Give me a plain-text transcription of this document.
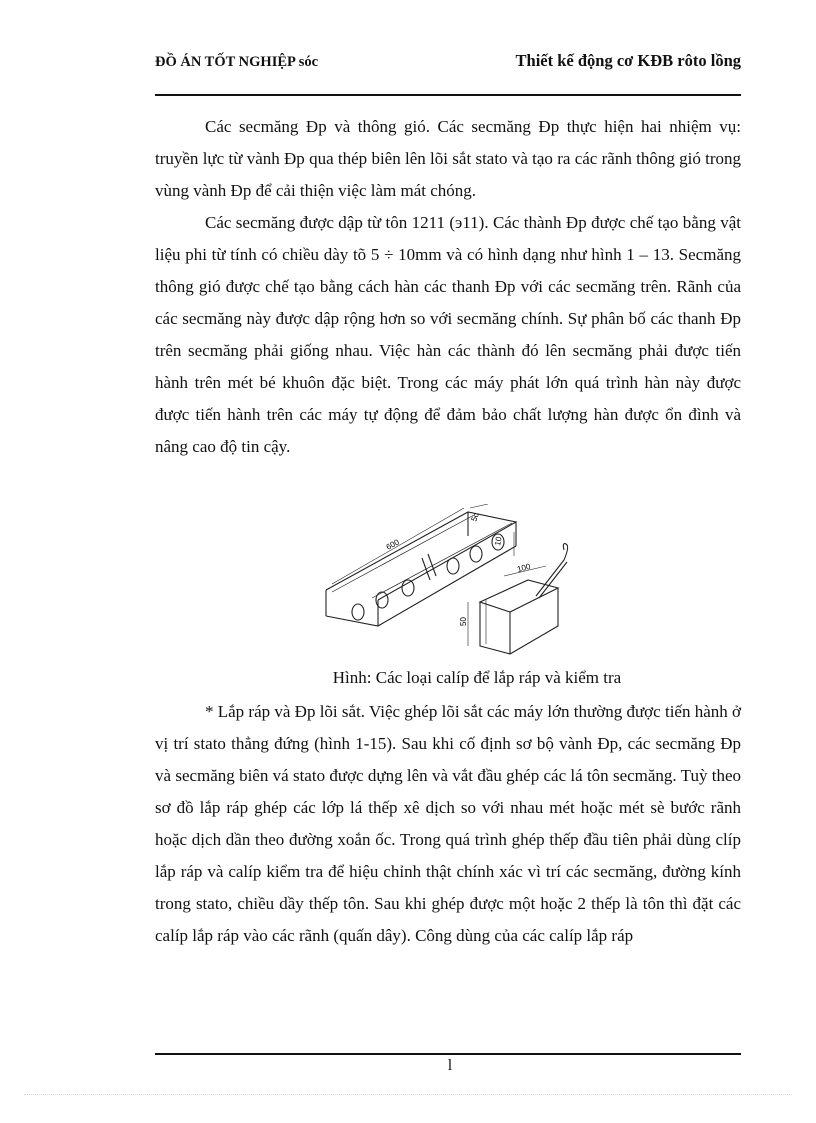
ĐỒ ÁN TỐT NGHIỆP sóc	Thiết kế động cơ KĐB rôto lồng

Các secmăng Đp và thông gió. Các secmăng Đp thực hiện hai nhiệm vụ: truyền lực từ vành Đp qua thép biên lên lõi sắt stato và tạo ra các rãnh thông gió trong vùng vành Đp để cải thiện việc làm mát chóng.

Các secmăng được dập từ tôn 1211 (э11). Các thành Đp được chế tạo bằng vật liệu phi từ tính có chiều dày tõ 5 ÷ 10mm và có hình dạng như hình 1 – 13. Secmăng thông gió được chế tạo bằng cách hàn các thanh Đp với các secmăng trên. Rãnh của các secmăng này được dập rộng hơn so với secmăng chính. Sự phân bố các thanh Đp trên secmăng phải giống nhau. Việc hàn các thành đó lên secmăng phải được tiến hành trên mét bé khuôn đặc biệt. Trong các máy phát lớn quá trình hàn này được được tiến hành trên các máy tự động để đảm bảo chất lượng hàn được ổn đình và nâng cao độ tin cậy.

600
5c
10
100
50
Hình: Các loại calíp để lắp ráp và kiểm tra

* Lắp ráp và Đp lõi sắt. Việc ghép lõi sắt các máy lớn thường được tiến hành ở vị trí stato thẳng đứng (hình 1-15). Sau khi cố định sơ bộ vành Đp, các secmăng Đp và secmăng biên vá stato được dựng lên và vắt đầu ghép các lá tôn secmăng. Tuỳ theo sơ đồ lắp ráp ghép các lớp lá thếp xê dịch so với nhau mét hoặc mét sè bước rãnh hoặc dịch dần theo đường xoắn ốc. Trong quá trình ghép thếp đầu tiên phải dùng clíp lắp ráp và calíp kiểm tra để hiệu chỉnh thật chính xác vì trí các secmăng, đường kính trong stato, chiều dầy thếp tôn. Sau khi ghép được một hoặc 2 thếp là tôn thì đặt các calíp lắp ráp vào các rãnh (quấn dây). Công dùng của các calíp lắp ráp

l
